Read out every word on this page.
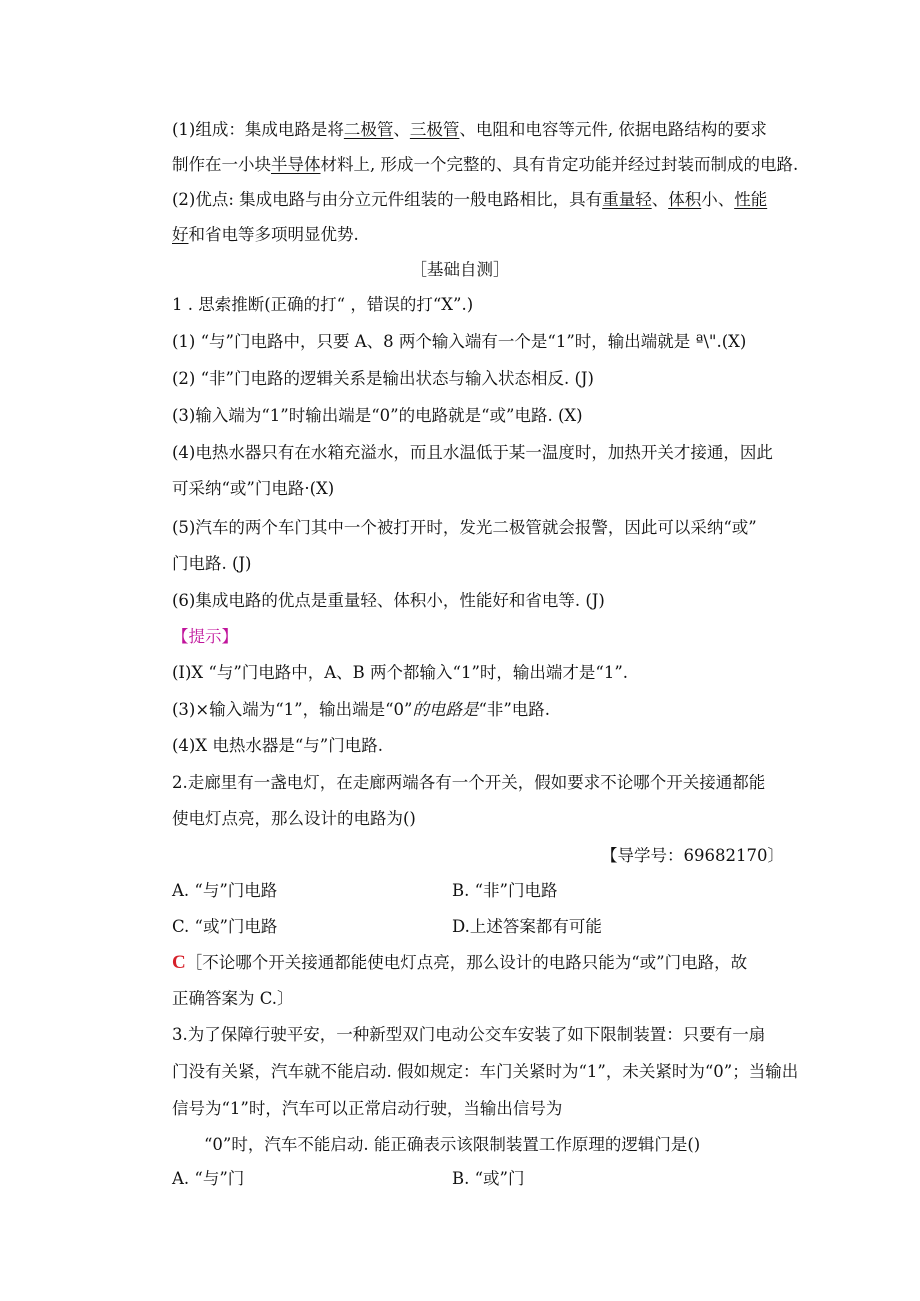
(1)组成：集成电路是将二极管、三极管、电阻和电容等元件, 依据电路结构的要求
制作在一小块半导体材料上, 形成一个完整的、具有肯定功能并经过封装而制成的电路.
(2)优点: 集成电路与由分立元件组装的一般电路相比，具有重量轻、体积小、性能
好和省电等多项明显优势.
［基础自测］
1 . 思索推断(正确的打“ ，错误的打“X”.)
(1) “与”门电路中，只要 A、8 两个输入端有一个是“1”时，输出端就是 ª\".(X)
(2) “非”门电路的逻辑关系是输出状态与输入状态相反. (J)
(3)输入端为“1”时输出端是“0”的电路就是“或”电路. (X)
(4)电热水器只有在水箱充溢水，而且水温低于某一温度时，加热开关才接通，因此
可采纳“或”门电路·(X)
(5)汽车的两个车门其中一个被打开时，发光二极管就会报警，因此可以采纳“或”
门电路. (J)
(6)集成电路的优点是重量轻、体积小，性能好和省电等. (J)
【提示】
(I)X “与”门电路中，A、B 两个都输入“1”时，输出端才是“1”.
(3)×输入端为“1”，输出端是“0”的电路是“非”电路.
(4)X 电热水器是“与”门电路.
2.走廊里有一盏电灯，在走廊两端各有一个开关，假如要求不论哪个开关接通都能
使电灯点亮，那么设计的电路为()
【导学号：69682170〕
A. “与”门电路	B. “非”门电路
C. “或”门电路	D.上述答案都有可能
C［不论哪个开关接通都能使电灯点亮，那么设计的电路只能为“或”门电路，故
正确答案为 C.〕
3.为了保障行驶平安，一种新型双门电动公交车安装了如下限制装置：只要有一扇
门没有关紧，汽车就不能启动. 假如规定：车门关紧时为“1”，未关紧时为“0”；当输出
信号为“1”时，汽车可以正常启动行驶，当输出信号为
“0”时，汽车不能启动. 能正确表示该限制装置工作原理的逻辑门是()
A. “与”门	B. “或”门
